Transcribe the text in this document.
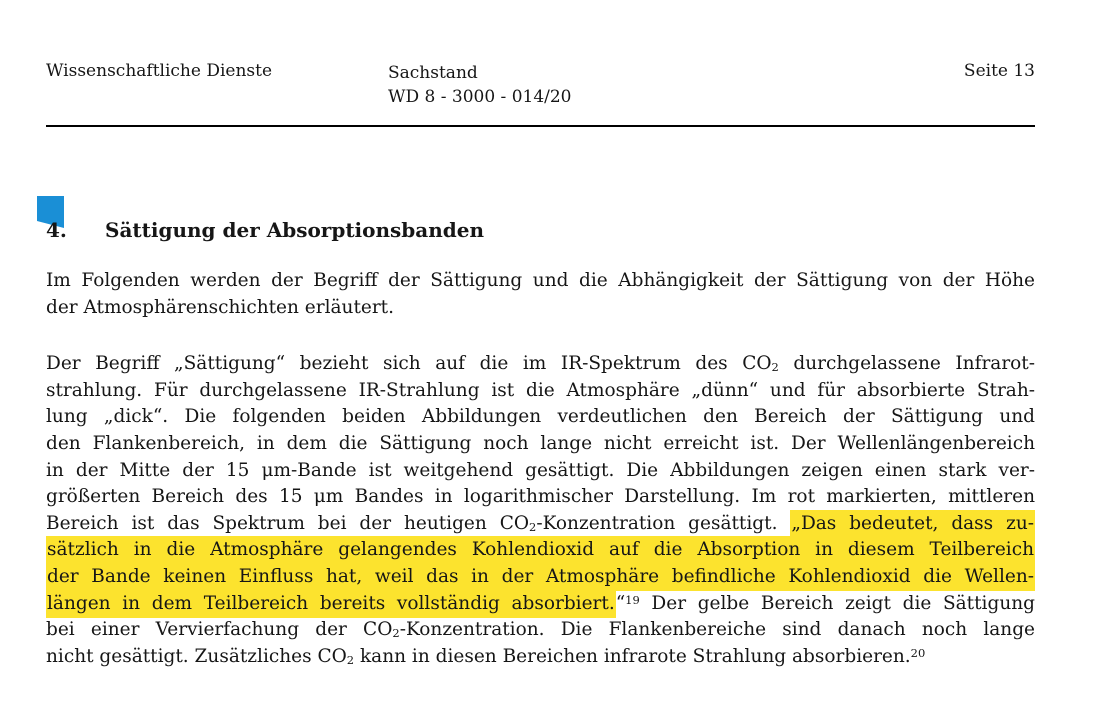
Wissenschaftliche Dienste	Sachstand
WD 8 - 3000 - 014/20
Seite 13
4. Sättigung der Absorptionsbanden
Im Folgenden werden der Begriff der Sättigung und die Abhängigkeit der Sättigung von der Höhe
der Atmosphärenschichten erläutert.
Der Begriff „Sättigung“ bezieht sich auf die im IR-Spektrum des $CO_2$ durchgelassene Infrarot-
strahlung. Für durchgelassene IR-Strahlung ist die Atmosphäre „dünn“ und für absorbierte Strah-
lung „dick“. Die folgenden beiden Abbildungen verdeutlichen den Bereich der Sättigung und
den Flankenbereich, in dem die Sättigung noch lange nicht erreicht ist. Der Wellenlängenbereich
in der Mitte der 15 μm-Bande ist weitgehend gesättigt. Die Abbildungen zeigen einen stark ver-
größerten Bereich des 15 μm Bandes in logarithmischer Darstellung. Im rot markierten, mittleren
Bereich ist das Spektrum bei der heutigen $CO_2$-Konzentration gesättigt. „Das bedeutet, dass zu-
sätzlich in die Atmosphäre gelangendes Kohlendioxid auf die Absorption in diesem Teilbereich
der Bande keinen Einfluss hat, weil das in der Atmosphäre befindliche Kohlendioxid die Wellen-
längen in dem Teilbereich bereits vollständig absorbiert.“$^{19}$ Der gelbe Bereich zeigt die Sättigung
bei einer Vervierfachung der $CO_2$-Konzentration. Die Flankenbereiche sind danach noch lange
nicht gesättigt. Zusätzliches $CO_2$ kann in diesen Bereichen infrarote Strahlung absorbieren.$^{20}$
